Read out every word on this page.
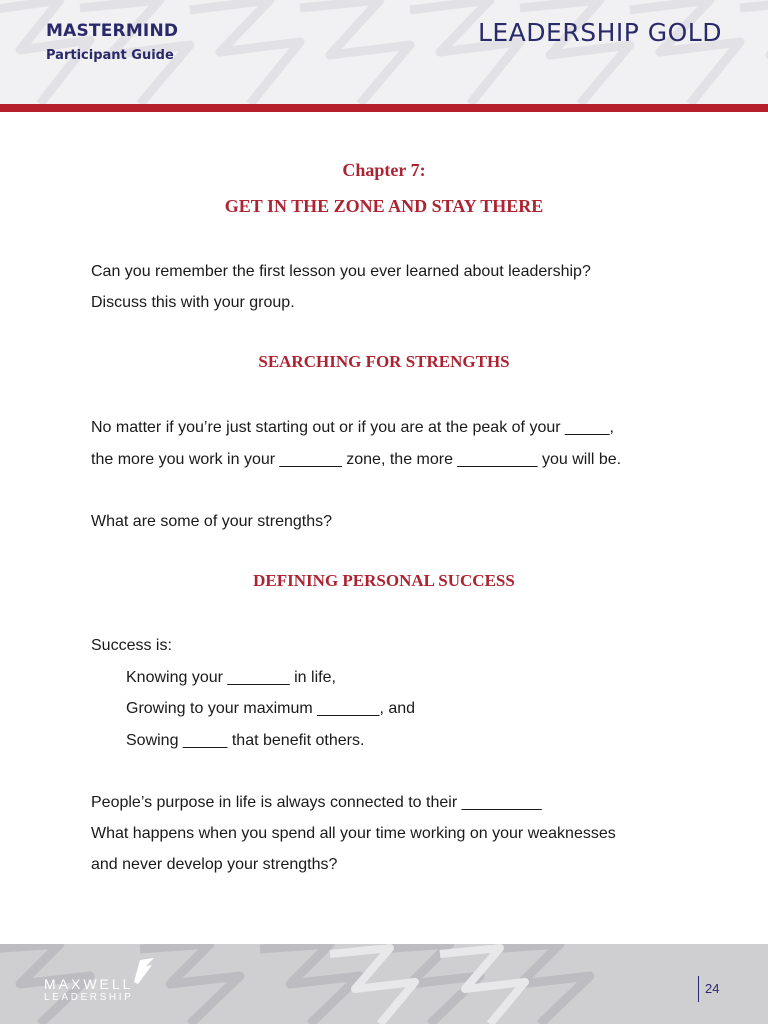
MASTERMIND
Participant Guide
LEADERSHIP GOLD
Chapter 7:
GET IN THE ZONE AND STAY THERE
Can you remember the first lesson you ever learned about leadership?
Discuss this with your group.
SEARCHING FOR STRENGTHS
No matter if you’re just starting out or if you are at the peak of your _____,
the more you work in your _______ zone, the more _________ you will be.
What are some of your strengths?
DEFINING PERSONAL SUCCESS
Success is:
Knowing your _______ in life,
Growing to your maximum _______, and
Sowing _____ that benefit others.
People’s purpose in life is always connected to their _________
What happens when you spend all your time working on your weaknesses
and never develop your strengths?
MAXWELL
LEADERSHIP
24
